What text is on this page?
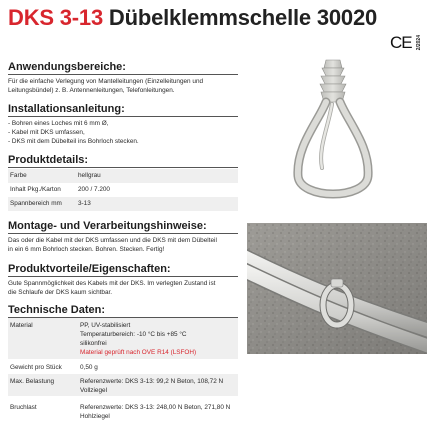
DKS 3-13 Dübelklemmschelle 30020
CE 2/2024
Anwendungsbereiche:
Für die einfache Verlegung von Mantelleitungen (Einzelleitungen und
Leitungsbündel) z. B. Antennenleitungen, Telefonleitungen.
Installationsanleitung:
- Bohren eines Loches mit 6 mm Ø,
- Kabel mit DKS umfassen,
- DKS mit dem Dübelteil ins Bohrloch stecken.
Produktdetails:
Farbe	hellgrau
Inhalt Pkg./Karton	200 / 7.200
Spannbereich mm	3-13
Montage- und Verarbeitungshinweise:
Das oder die Kabel mit der DKS umfassen und die DKS mit dem Dübelteil
in ein 6 mm Bohrloch stecken. Bohren. Stecken. Fertig!
Produktvorteile/Eigenschaften:
Gute Spannmöglichkeit des Kabels mit der DKS. Im verlegten Zustand ist
die Schlaufe der DKS kaum sichtbar.
Technische Daten:
Material	PP, UV-stabilisiert
Temperaturbereich: -10 °C bis +85 °C
silikonfrei
Material geprüft nach OVE R14 (LSFOH)
Gewicht pro Stück	0,50 g
Max. Belastung	Referenzwerte: DKS 3-13: 99,2 N Beton, 108,72 N
Vollziegel
Bruchlast	Referenzwerte: DKS 3-13: 248,00 N Beton, 271,80 N
Hohlziegel
